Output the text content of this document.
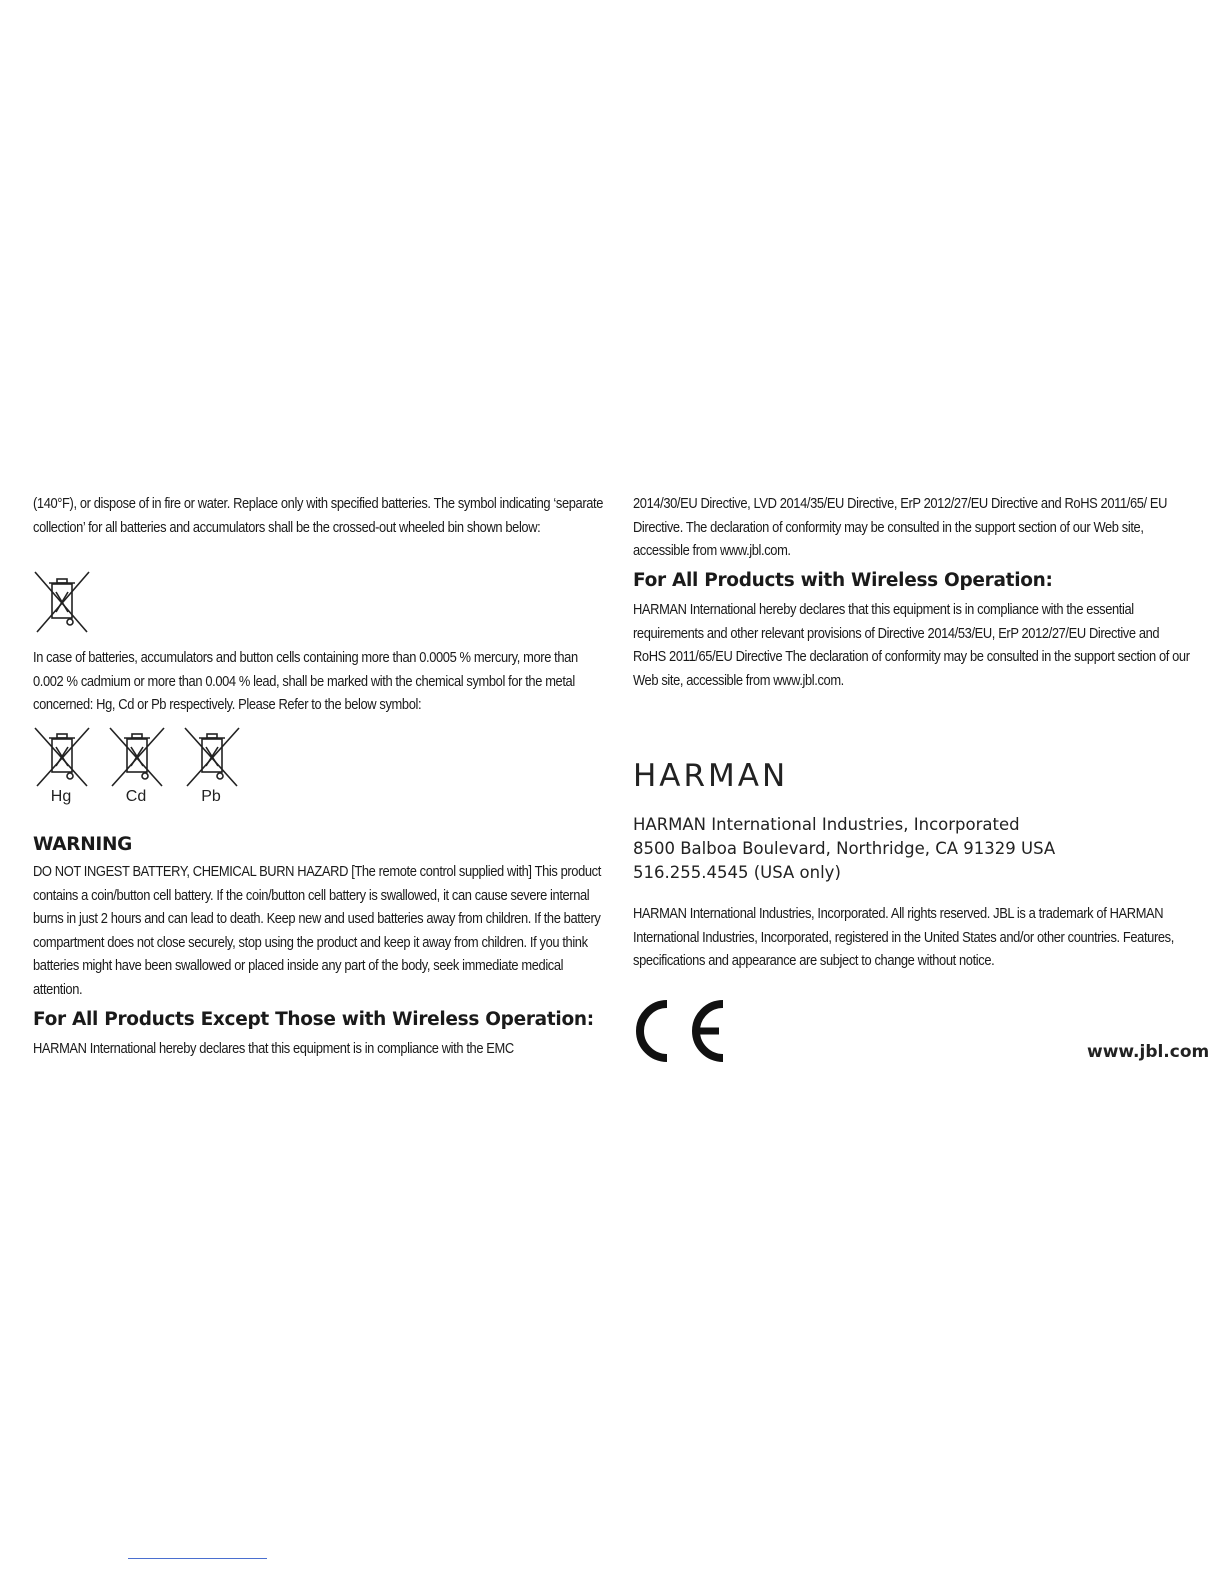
(140°F), or dispose of in fire or water. Replace only with specified batteries. The symbol indicating ‘separate collection’ for all batteries and accumulators shall be the crossed-out wheeled bin shown below:

In case of batteries, accumulators and button cells containing more than 0.0005 % mercury, more than 0.002 % cadmium or more than 0.004 % lead, shall be marked with the chemical symbol for the metal concerned: Hg, Cd or Pb respectively. Please Refer to the below symbol:

Hg	Cd	Pb
WARNING

DO NOT INGEST BATTERY, CHEMICAL BURN HAZARD [The remote control supplied with] This product contains a coin/button cell battery. If the coin/button cell battery is swallowed, it can cause severe internal burns in just 2 hours and can lead to death. Keep new and used batteries away from children. If the battery compartment does not close securely, stop using the product and keep it away from children. If you think batteries might have been swallowed or placed inside any part of the body, seek immediate medical attention.

For All Products Except Those with Wireless Operation:

HARMAN International hereby declares that this equipment is in compliance with the EMC

2014/30/EU Directive, LVD 2014/35/EU Directive, ErP 2012/27/EU Directive and RoHS 2011/65/ EU Directive. The declaration of conformity may be consulted in the support section of our Web site, accessible from www.jbl.com.

For All Products with Wireless Operation:

HARMAN International hereby declares that this equipment is in compliance with the essential requirements and other relevant provisions of Directive 2014/53/EU, ErP 2012/27/EU Directive and RoHS 2011/65/EU Directive The declaration of conformity may be consulted in the support section of our Web site, accessible from www.jbl.com.

HARMAN
HARMAN International Industries, Incorporated
8500 Balboa Boulevard, Northridge, CA 91329 USA
516.255.4545 (USA only)

HARMAN International Industries, Incorporated. All rights reserved. JBL is a trademark of HARMAN International Industries, Incorporated, registered in the United States and/or other countries. Features, specifications and appearance are subject to change without notice.

www.jbl.com
